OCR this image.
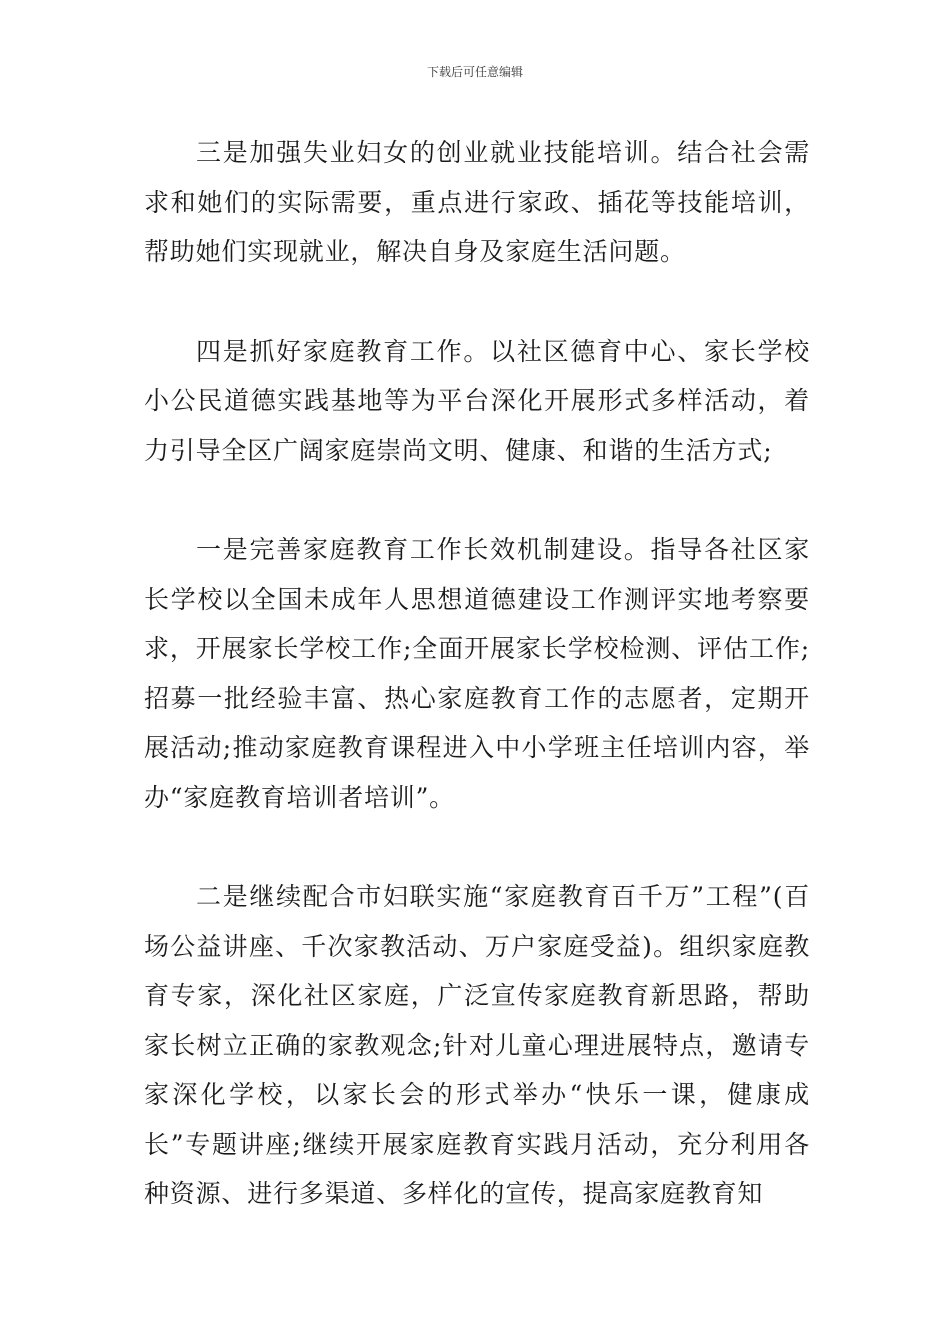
下载后可任意编辑

三是加强失业妇女的创业就业技能培训。结合社会需求和她们的实际需要，重点进行家政、插花等技能培训，帮助她们实现就业，解决自身及家庭生活问题。

四是抓好家庭教育工作。以社区德育中心、家长学校小公民道德实践基地等为平台深化开展形式多样活动，着力引导全区广阔家庭崇尚文明、健康、和谐的生活方式;

一是完善家庭教育工作长效机制建设。指导各社区家长学校以全国未成年人思想道德建设工作测评实地考察要求，开展家长学校工作;全面开展家长学校检测、评估工作;招募一批经验丰富、热心家庭教育工作的志愿者，定期开展活动;推动家庭教育课程进入中小学班主任培训内容，举办“家庭教育培训者培训”。

二是继续配合市妇联实施“家庭教育百千万”工程”(百场公益讲座、千次家教活动、万户家庭受益)。组织家庭教育专家，深化社区家庭，广泛宣传家庭教育新思路，帮助家长树立正确的家教观念;针对儿童心理进展特点，邀请专家深化学校，以家长会的形式举办“快乐一课，健康成长”专题讲座;继续开展家庭教育实践月活动，充分利用各种资源、进行多渠道、多样化的宣传，提高家庭教育知
